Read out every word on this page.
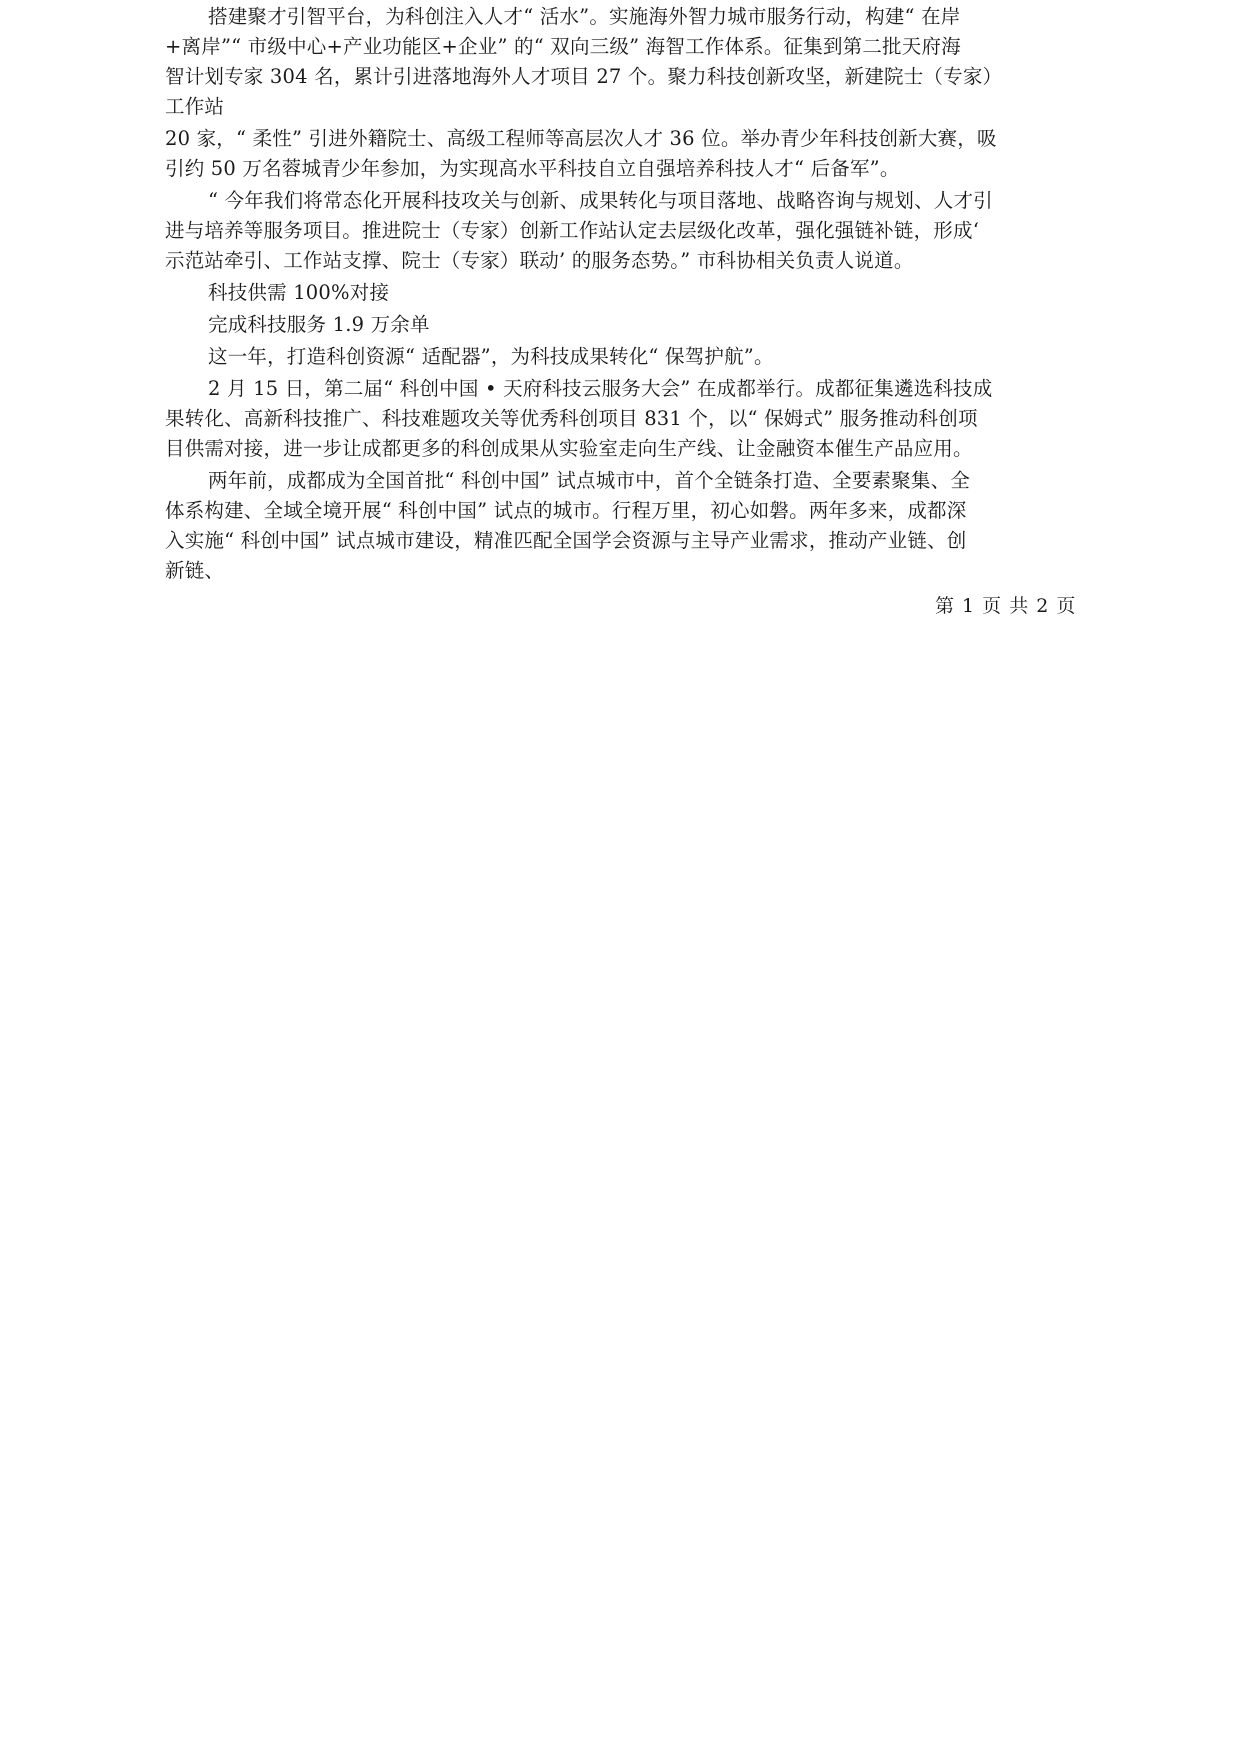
搭建聚才引智平台，为科创注入人才“ 活水”。实施海外智力城市服务行动，构建“ 在岸

+离岸”“ 市级中心+产业功能区+企业” 的“ 双向三级” 海智工作体系。征集到第二批天府海

智计划专家 304 名，累计引进落地海外人才项目 27 个。聚力科技创新攻坚，新建院士（专家）

工作站

20 家，“ 柔性” 引进外籍院士、高级工程师等高层次人才 36 位。举办青少年科技创新大赛，吸

引约 50 万名蓉城青少年参加，为实现高水平科技自立自强培养科技人才“ 后备军”。

“ 今年我们将常态化开展科技攻关与创新、成果转化与项目落地、战略咨询与规划、人才引

进与培养等服务项目。推进院士（专家）创新工作站认定去层级化改革，强化强链补链，形成‘

示范站牵引、工作站支撑、院士（专家）联动’ 的服务态势。” 市科协相关负责人说道。

科技供需 100%对接

完成科技服务 1.9 万余单

这一年，打造科创资源“ 适配器”，为科技成果转化“ 保驾护航”。

2 月 15 日，第二届“ 科创中国 • 天府科技云服务大会” 在成都举行。成都征集遴选科技成

果转化、高新科技推广、科技难题攻关等优秀科创项目 831 个，以“ 保姆式” 服务推动科创项

目供需对接，进一步让成都更多的科创成果从实验室走向生产线、让金融资本催生产品应用。

两年前，成都成为全国首批“ 科创中国” 试点城市中，首个全链条打造、全要素聚集、全

体系构建、全域全境开展“ 科创中国” 试点的城市。行程万里，初心如磐。两年多来，成都深

入实施“ 科创中国” 试点城市建设，精准匹配全国学会资源与主导产业需求，推动产业链、创

新链、

第 1 页 共 2 页
